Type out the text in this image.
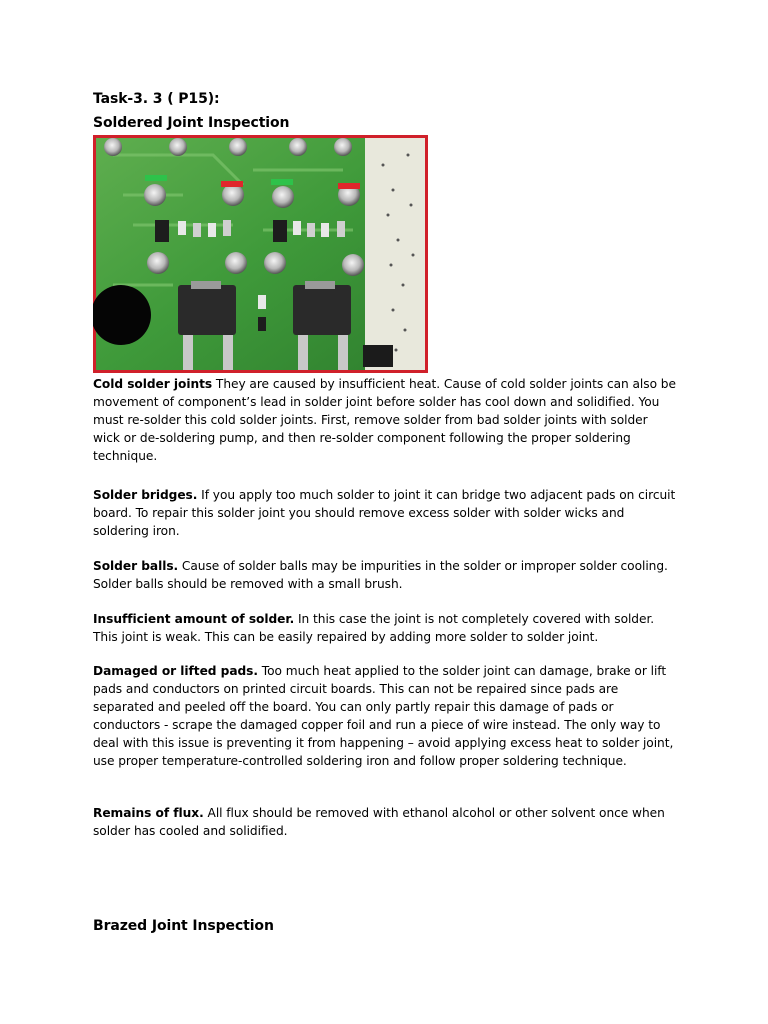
Task-3. 3 ( P15):
Soldered Joint Inspection

Cold solder joints They are caused by insufficient heat. Cause of cold solder joints can also be movement of component’s lead in solder joint before solder has cool down and solidified. You must re-solder this cold solder joints. First, remove solder from bad solder joints with solder wick or de-soldering pump, and then re-solder component following the proper soldering technique.

Solder bridges. If you apply too much solder to joint it can bridge two adjacent pads on circuit board. To repair this solder joint you should remove excess solder with solder wicks and soldering iron.

Solder balls. Cause of solder balls may be impurities in the solder or improper solder cooling. Solder balls should be removed with a small brush.

Insufficient amount of solder. In this case the joint is not completely covered with solder. This joint is weak. This can be easily repaired by adding more solder to solder joint.

Damaged or lifted pads. Too much heat applied to the solder joint can damage, brake or lift pads and conductors on printed circuit boards. This can not be repaired since pads are separated and peeled off the board. You can only partly repair this damage of pads or conductors - scrape the damaged copper foil and run a piece of wire instead. The only way to deal with this issue is preventing it from happening – avoid applying excess heat to solder joint, use proper temperature-controlled soldering iron and follow proper soldering technique.

Remains of flux. All flux should be removed with ethanol alcohol or other solvent once when solder has cooled and solidified.

Brazed Joint Inspection
